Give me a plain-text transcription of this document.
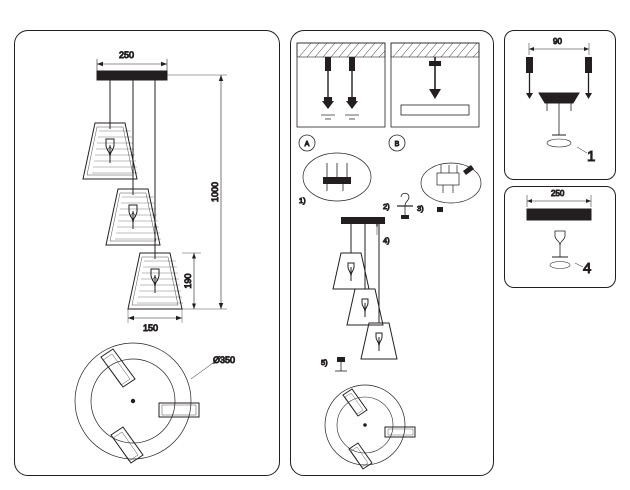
250
1000
190
150
Ø350
A	B
1)
2)	3)
4)
5)
90
1
250
4
